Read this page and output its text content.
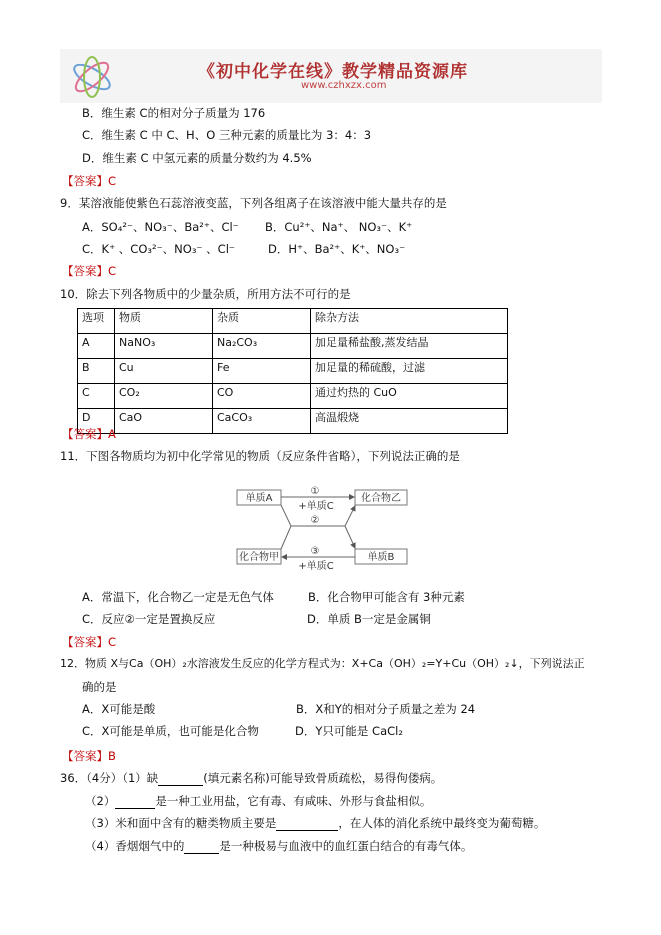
《初中化学在线》教学精品资源库
www.czhxzx.com
B．维生素 C的相对分子质量为 176
C．维生素 C 中 C、H、O 三种元素的质量比为 3：4：3
D．维生素 C 中氢元素的质量分数约为 4.5%
【答案】C
9．某溶液能使紫色石蕊溶液变蓝，下列各组离子在该溶液中能大量共存的是
A．SO₄²⁻、NO₃⁻、Ba²⁺、Cl⁻ B．Cu²⁺、Na⁺、 NO₃⁻、K⁺
C．K⁺ 、CO₃²⁻、NO₃⁻ 、Cl⁻	D．H⁺、Ba²⁺、K⁺、NO₃⁻
【答案】C
10．除去下列各物质中的少量杂质，所用方法不可行的是
选项	物质	杂质	除杂方法
A	NaNO₃	Na₂CO₃	加足量稀盐酸,蒸发结晶
B	Cu	Fe	加足量的稀硫酸，过滤
C	CO₂	CO	通过灼热的 CuO
D	CaO	CaCO₃	高温煅烧
【答案】A
11．下图各物质均为初中化学常见的物质（反应条件省略），下列说法正确的是
单质A	化合物乙
化合物甲	单质B
①
+单质C
②
③
+单质C
A．常温下，化合物乙一定是无色气体	B．化合物甲可能含有 3种元素
C．反应②一定是置换反应	D．单质 B一定是金属铜
【答案】C
12．物质 X与Ca（OH）₂水溶液发生反应的化学方程式为：X+Ca（OH）₂=Y+Cu（OH）₂↓，下列说法正
确的是
A．X可能是酸	B．X和Y的相对分子质量之差为 24
C．X可能是单质，也可能是化合物	D．Y只可能是 CaCl₂
【答案】B
36．（4分）（1）缺	(填元素名称)可能导致骨质疏松，易得佝偻病。
（2）	是一种工业用盐，它有毒、有咸味、外形与食盐相似。
（3）米和面中含有的糖类物质主要是	，在人体的消化系统中最终变为葡萄糖。
（4）香烟烟气中的	是一种极易与血液中的血红蛋白结合的有毒气体。
